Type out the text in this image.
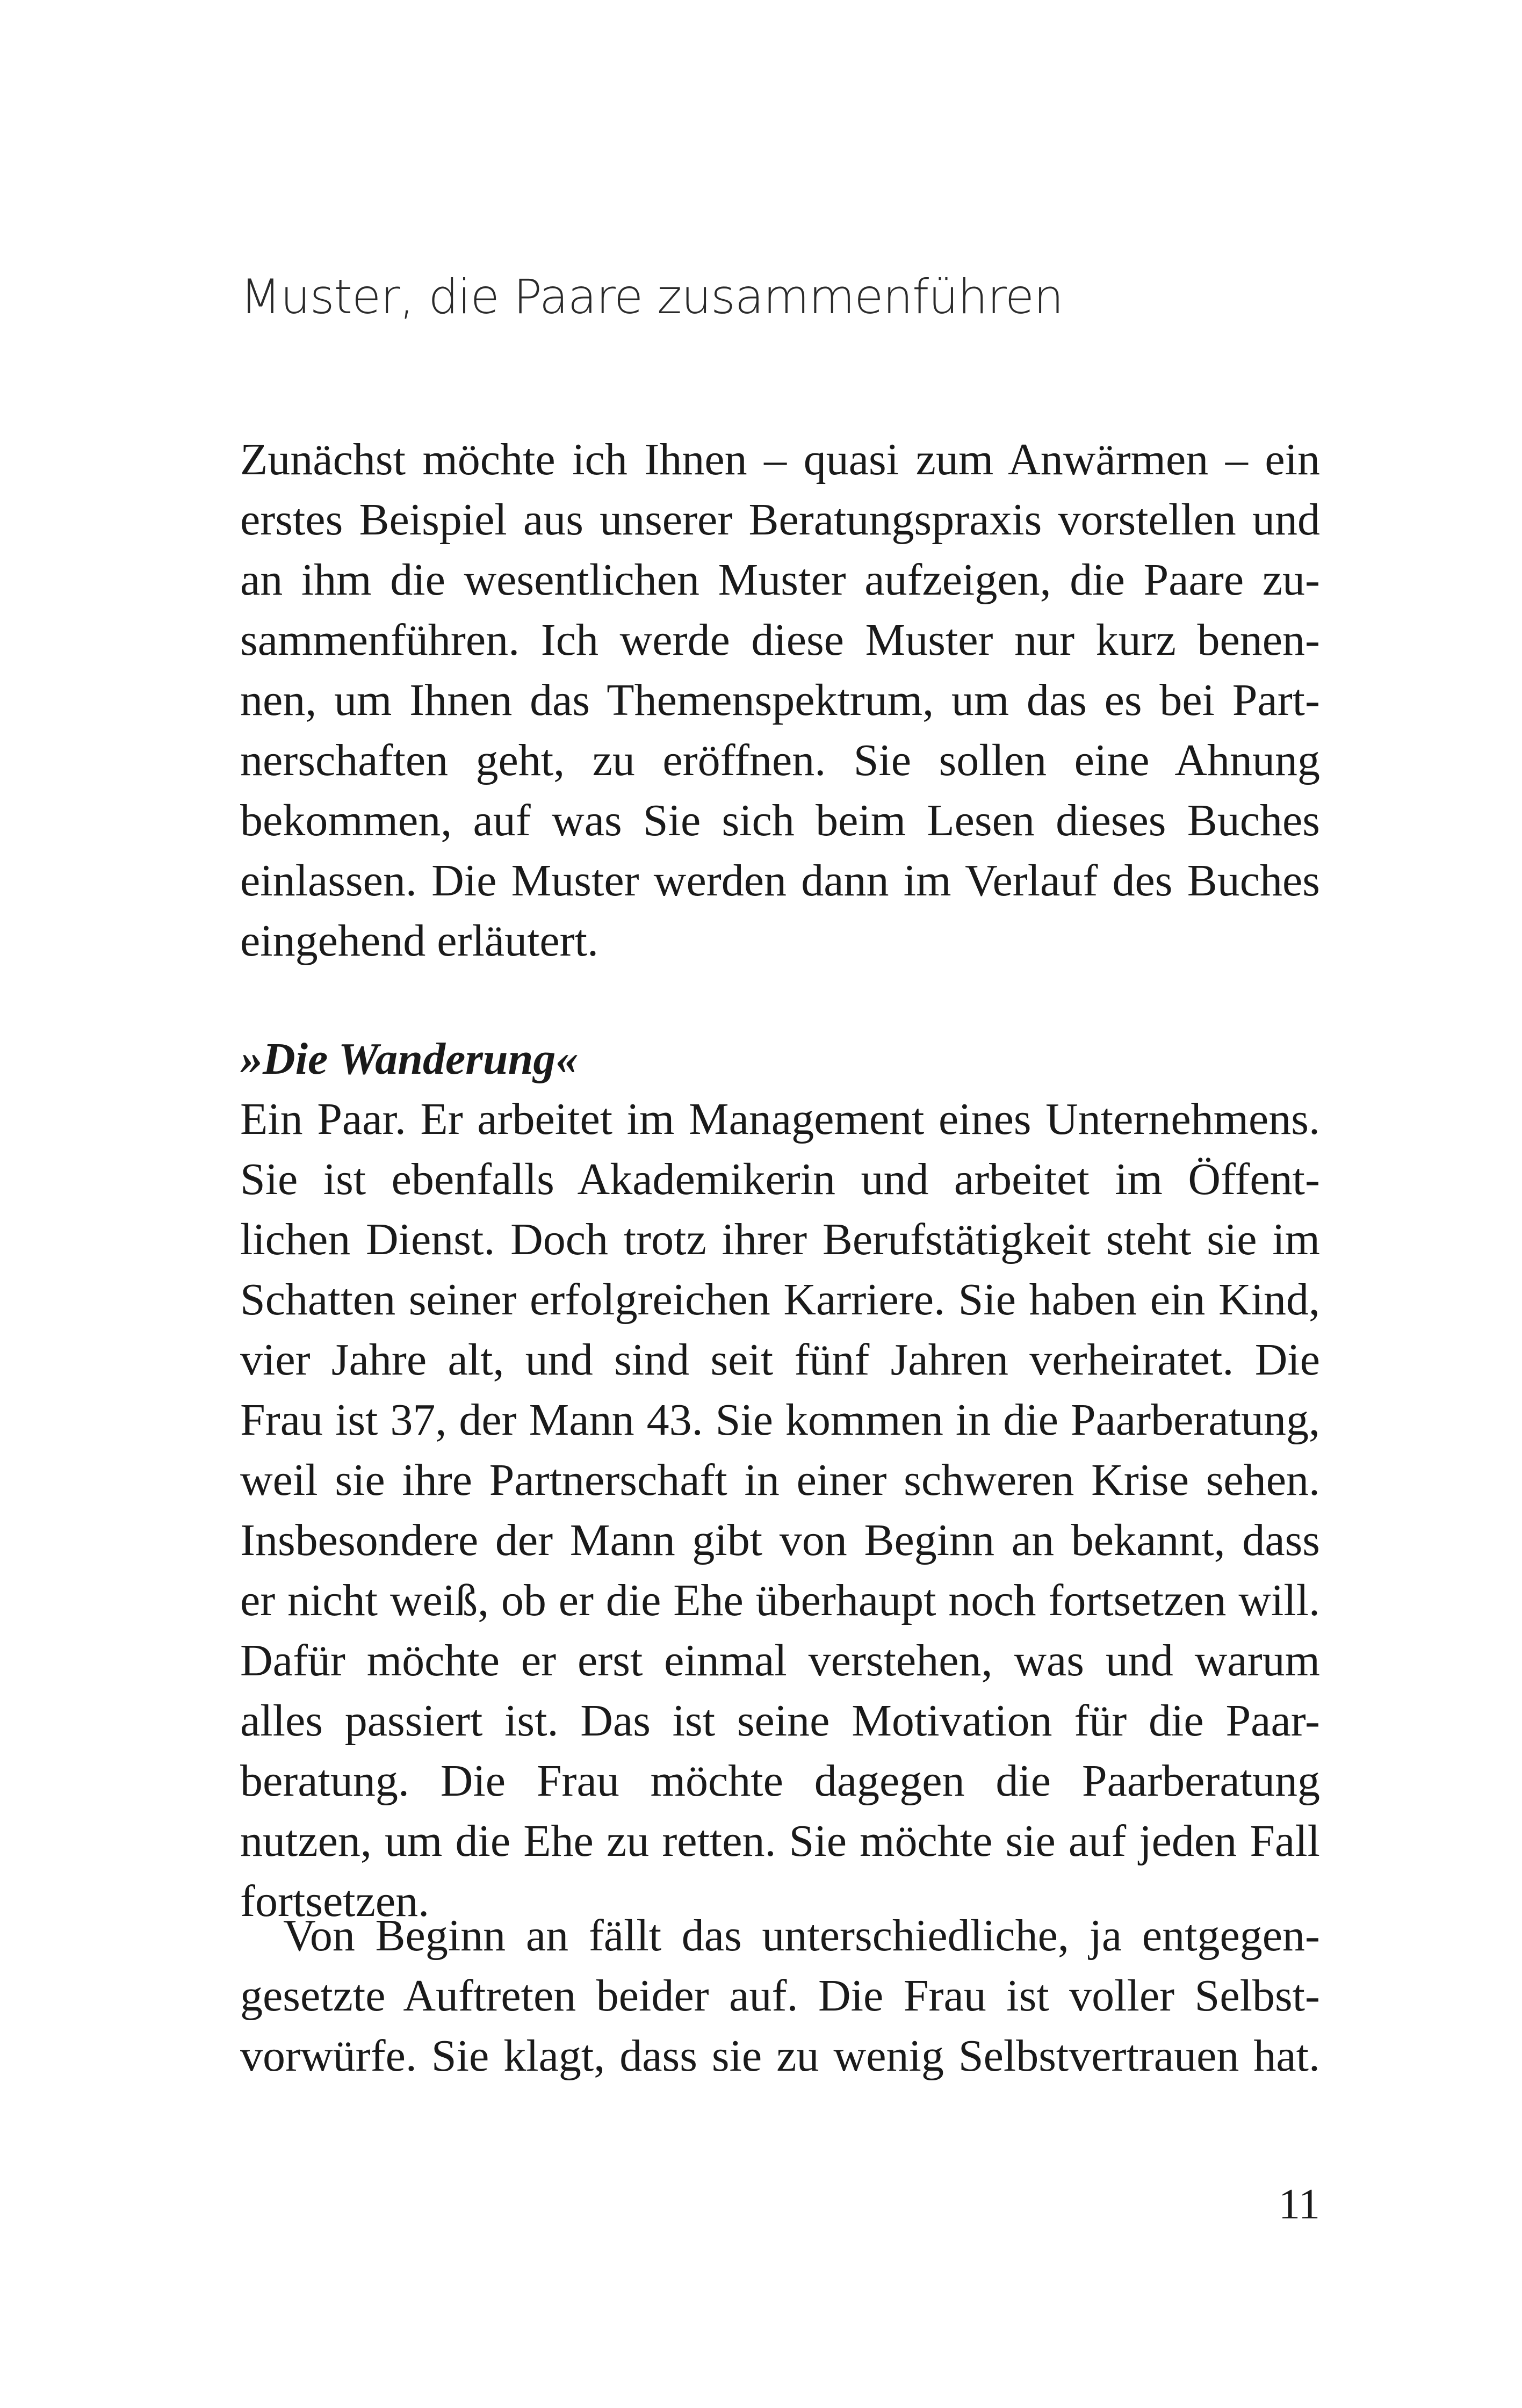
Muster, die Paare zusammenführen
Zunächst möchte ich Ihnen – quasi zum Anwärmen – ein
erstes Beispiel aus unserer Beratungspraxis vorstellen und
an ihm die wesentlichen Muster aufzeigen, die Paare zu-
sammenführen. Ich werde diese Muster nur kurz benen-
nen, um Ihnen das Themenspektrum, um das es bei Part-
nerschaften geht, zu eröffnen. Sie sollen eine Ahnung
bekommen, auf was Sie sich beim Lesen dieses Buches
einlassen. Die Muster werden dann im Verlauf des Buches
eingehend erläutert.
»Die Wanderung«
Ein Paar. Er arbeitet im Management eines Unternehmens.
Sie ist ebenfalls Akademikerin und arbeitet im Öffent-
lichen Dienst. Doch trotz ihrer Berufstätigkeit steht sie im
Schatten seiner erfolgreichen Karriere. Sie haben ein Kind,
vier Jahre alt, und sind seit fünf Jahren verheiratet. Die
Frau ist 37, der Mann 43. Sie kommen in die Paarberatung,
weil sie ihre Partnerschaft in einer schweren Krise sehen.
Insbesondere der Mann gibt von Beginn an bekannt, dass
er nicht weiß, ob er die Ehe überhaupt noch fortsetzen will.
Dafür möchte er erst einmal verstehen, was und warum
alles passiert ist. Das ist seine Motivation für die Paar-
beratung. Die Frau möchte dagegen die Paarberatung
nutzen, um die Ehe zu retten. Sie möchte sie auf jeden Fall
fortsetzen.
Von Beginn an fällt das unterschiedliche, ja entgegen-
gesetzte Auftreten beider auf. Die Frau ist voller Selbst-
vorwürfe. Sie klagt, dass sie zu wenig Selbstvertrauen hat.
11
